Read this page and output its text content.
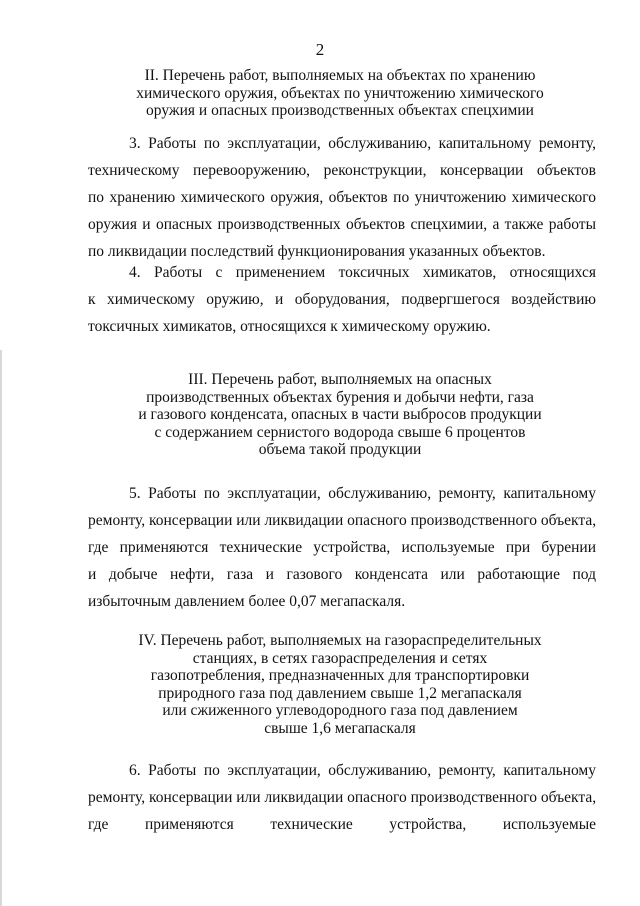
2
II. Перечень работ, выполняемых на объектах по хранению
химического оружия, объектах по уничтожению химического
оружия и опасных производственных объектах спецхимии
3. Работы по эксплуатации, обслуживанию, капитальному ремонту,
техническому перевооружению, реконструкции, консервации объектов
по хранению химического оружия, объектов по уничтожению химического
оружия и опасных производственных объектов спецхимии, а также работы
по ликвидации последствий функционирования указанных объектов.
4. Работы с применением токсичных химикатов, относящихся
к химическому оружию, и оборудования, подвергшегося воздействию
токсичных химикатов, относящихся к химическому оружию.
III. Перечень работ, выполняемых на опасных
производственных объектах бурения и добычи нефти, газа
и газового конденсата, опасных в части выбросов продукции
с содержанием сернистого водорода свыше 6 процентов
объема такой продукции
5. Работы по эксплуатации, обслуживанию, ремонту, капитальному
ремонту, консервации или ликвидации опасного производственного объекта,
где применяются технические устройства, используемые при бурении
и добыче нефти, газа и газового конденсата или работающие под
избыточным давлением более 0,07 мегапаскаля.
IV. Перечень работ, выполняемых на газораспределительных
станциях, в сетях газораспределения и сетях
газопотребления, предназначенных для транспортировки
природного газа под давлением свыше 1,2 мегапаскаля
или сжиженного углеводородного газа под давлением
свыше 1,6 мегапаскаля
6. Работы по эксплуатации, обслуживанию, ремонту, капитальному
ремонту, консервации или ликвидации опасного производственного объекта,
где применяются технические устройства, используемые
